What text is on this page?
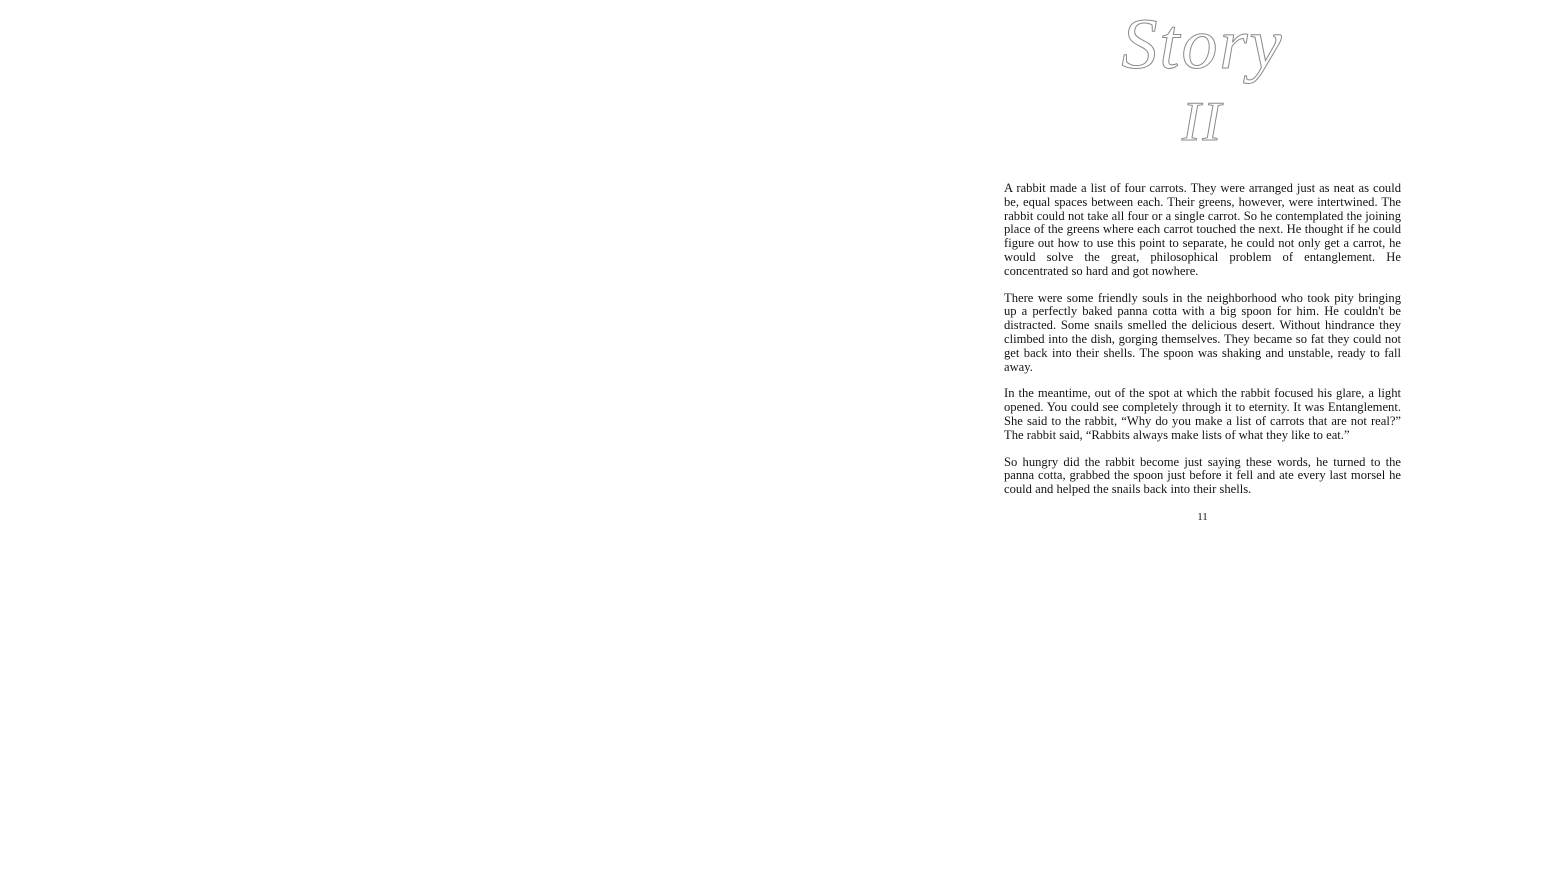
Story
II

A rabbit made a list of four carrots. They were arranged just as neat as could be, equal spaces between each. Their greens, however, were intertwined. The rabbit could not take all four or a single carrot. So he contemplated the joining place of the greens where each carrot touched the next. He thought if he could figure out how to use this point to separate, he could not only get a carrot, he would solve the great, philosophical problem of entanglement. He concentrated so hard and got nowhere.

There were some friendly souls in the neighborhood who took pity bringing up a perfectly baked panna cotta with a big spoon for him. He couldn't be distracted. Some snails smelled the delicious desert. Without hindrance they climbed into the dish, gorging themselves. They became so fat they could not get back into their shells. The spoon was shaking and unstable, ready to fall away.

In the meantime, out of the spot at which the rabbit focused his glare, a light opened. You could see completely through it to eternity. It was Entanglement. She said to the rabbit, “Why do you make a list of carrots that are not real?” The rabbit said, “Rabbits always make lists of what they like to eat.”

So hungry did the rabbit become just saying these words, he turned to the panna cotta, grabbed the spoon just before it fell and ate every last morsel he could and helped the snails back into their shells.

11
